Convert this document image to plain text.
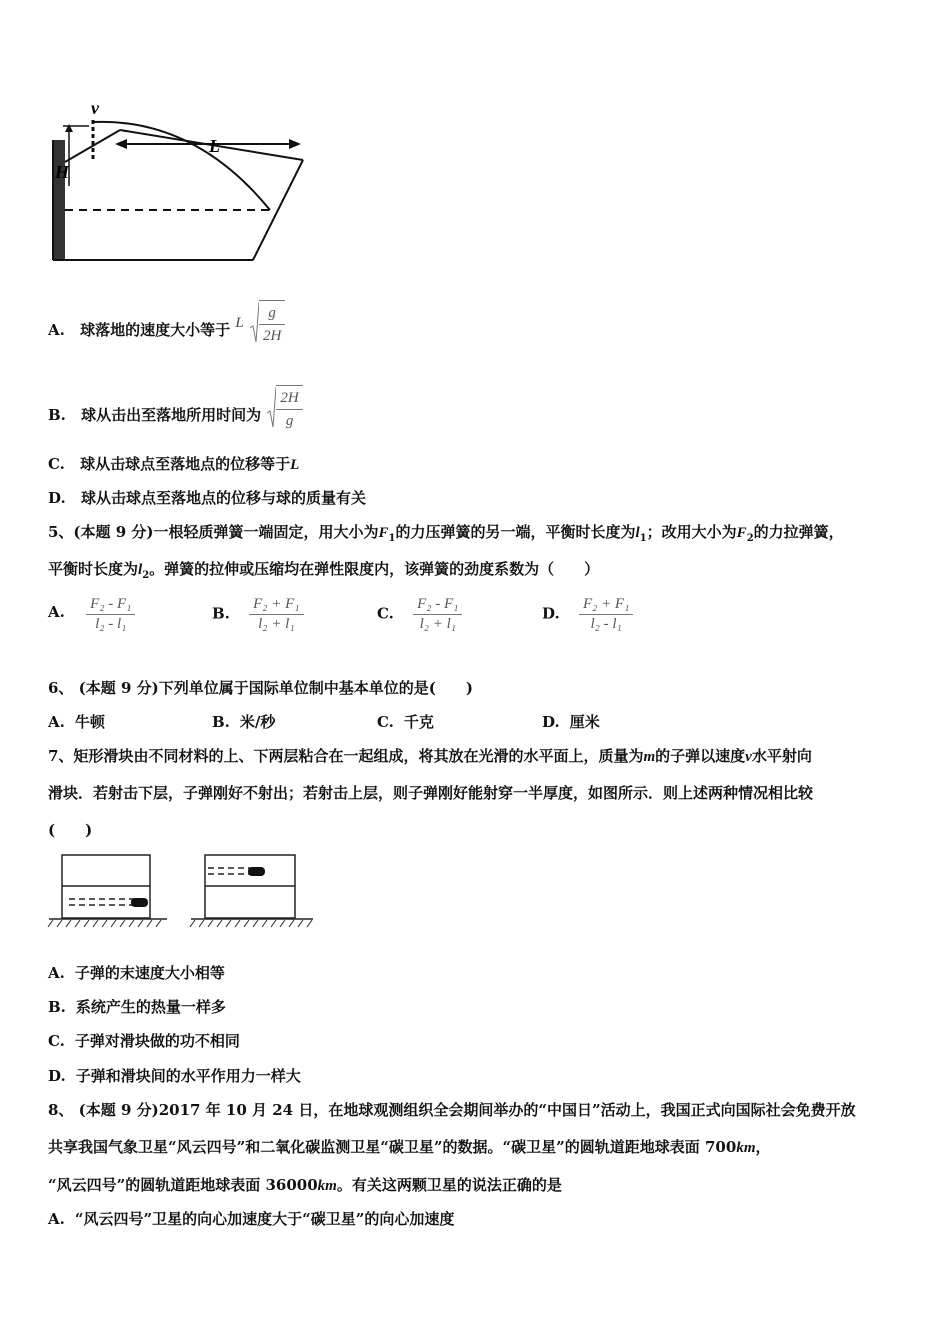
v
H
L
A. 球落地的速度大小等于 L $\frac{g}{2H}$
B. 球从击出至落地所用时间为 $\frac{2H}{g}$
C. 球从击球点至落地点的位移等于L
D. 球从击球点至落地点的位移与球的质量有关
5、(本题 9 分)一根轻质弹簧一端固定，用大小为$F_1$的力压弹簧的另一端，平衡时长度为$l_1$；改用大小为$F_2$的力拉弹簧，
平衡时长度为$l_2$。弹簧的拉伸或压缩均在弹性限度内，该弹簧的劲度系数为（　　）
A. $\frac{\text{F₂ - F₁}}{\text{l₂ - l₁}}$	B. $\frac{\text{F₂ + F₁}}{\text{l₂ + l₁}}$	C. $\frac{\text{F₂ - F₁}}{\text{l₂ + l₁}}$	D. $\frac{\text{F₂ + F₁}}{\text{l₂ - l₁}}$
6、 (本题 9 分)下列单位属于国际单位制中基本单位的是(　　)
A. 牛顿	B. 米/秒	C. 千克	D. 厘米
7、矩形滑块由不同材料的上、下两层粘合在一起组成，将其放在光滑的水平面上，质量为m的子弹以速度v水平射向
滑块．若射击下层，子弹刚好不射出；若射击上层，则子弹刚好能射穿一半厚度，如图所示．则上述两种情况相比较
(　　)
A. 子弹的末速度大小相等
B. 系统产生的热量一样多
C. 子弹对滑块做的功不相同
D. 子弹和滑块间的水平作用力一样大
8、 (本题 9 分)2017 年 10 月 24 日，在地球观测组织全会期间举办的“中国日”活动上，我国正式向国际社会免费开放
共享我国气象卫星“风云四号”和二氧化碳监测卫星“碳卫星”的数据。“碳卫星”的圆轨道距地球表面 700km，
“风云四号”的圆轨道距地球表面 36000km。有关这两颗卫星的说法正确的是
A. “风云四号”卫星的向心加速度大于“碳卫星”的向心加速度
